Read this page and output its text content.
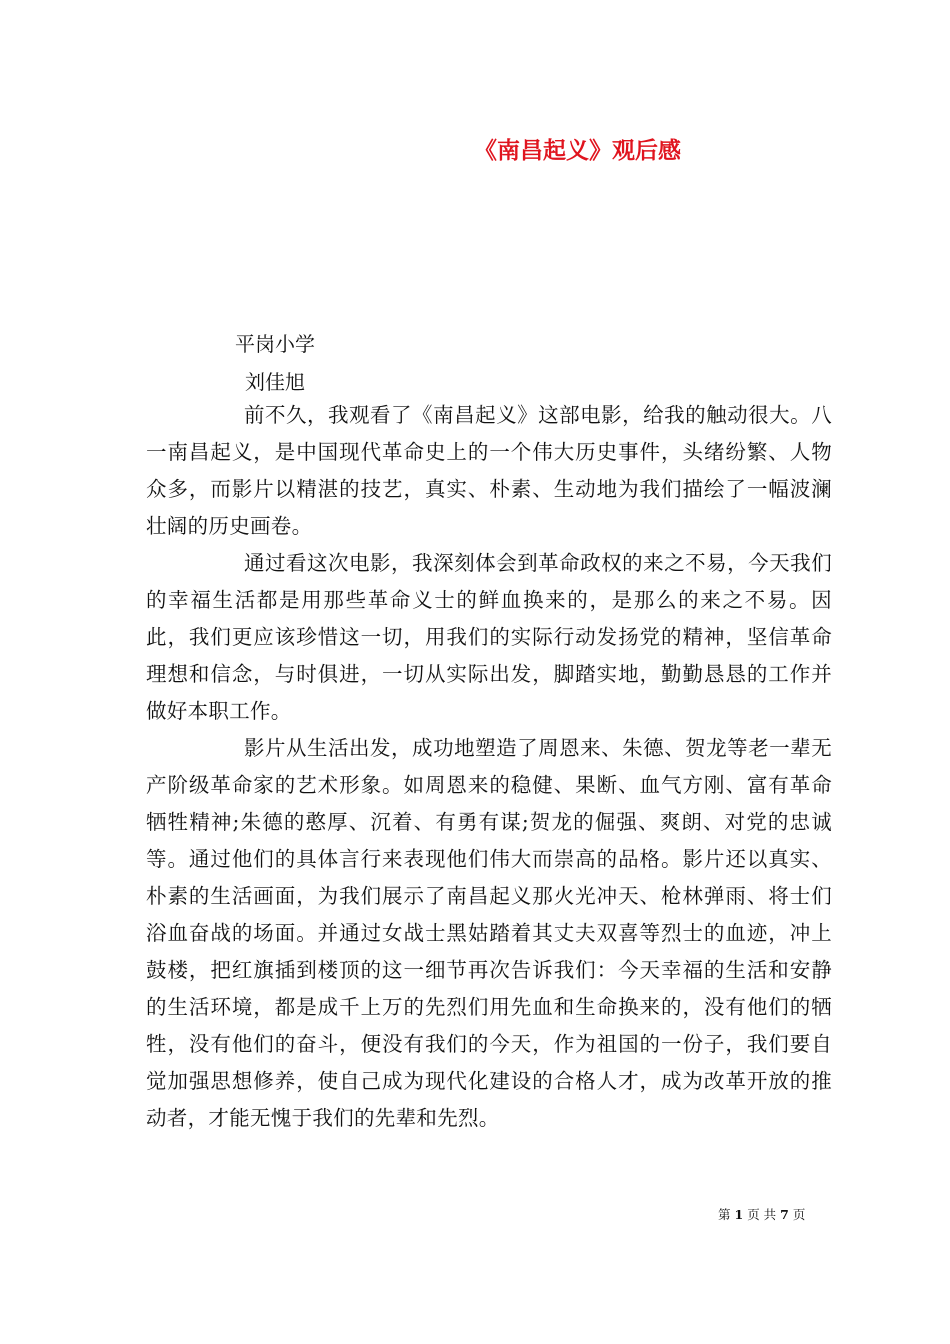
《南昌起义》观后感
平岗小学
刘佳旭

前不久，我观看了《南昌起义》这部电影，给我的触动很大。八一南昌起义，是中国现代革命史上的一个伟大历史事件，头绪纷繁、人物众多，而影片以精湛的技艺，真实、朴素、生动地为我们描绘了一幅波澜壮阔的历史画卷。

通过看这次电影，我深刻体会到革命政权的来之不易，今天我们的幸福生活都是用那些革命义士的鲜血换来的，是那么的来之不易。因此，我们更应该珍惜这一切，用我们的实际行动发扬党的精神，坚信革命理想和信念，与时俱进，一切从实际出发，脚踏实地，勤勤恳恳的工作并做好本职工作。

影片从生活出发，成功地塑造了周恩来、朱德、贺龙等老一辈无产阶级革命家的艺术形象。如周恩来的稳健、果断、血气方刚、富有革命牺牲精神;朱德的憨厚、沉着、有勇有谋;贺龙的倔强、爽朗、对党的忠诚等。通过他们的具体言行来表现他们伟大而崇高的品格。影片还以真实、朴素的生活画面，为我们展示了南昌起义那火光冲天、枪林弹雨、将士们浴血奋战的场面。并通过女战士黑姑踏着其丈夫双喜等烈士的血迹，冲上鼓楼，把红旗插到楼顶的这一细节再次告诉我们：今天幸福的生活和安静的生活环境，都是成千上万的先烈们用先血和生命换来的，没有他们的牺牲，没有他们的奋斗，便没有我们的今天，作为祖国的一份子，我们要自觉加强思想修养，使自己成为现代化建设的合格人才，成为改革开放的推动者，才能无愧于我们的先辈和先烈。

第 1 页 共 7 页
